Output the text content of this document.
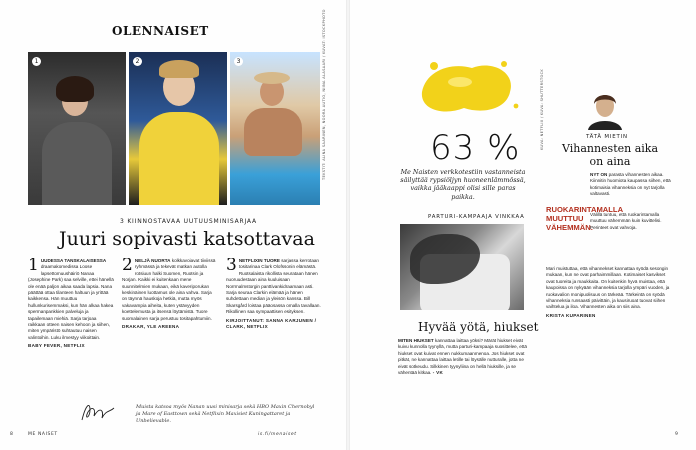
OLENNAISET
1	2	3
3 KIINNOSTAVAA UUTUUSMINISARJAA
Juuri sopivasti katsottavaa
1 UUDESSA TANSKALAISESSA draamakomedissa Loose lapsettomuushäiriö Nanaa (Josephine Park) saa selville, ettei hänellä ole enää paljon aikaa saada lapsia. Nana päättää ottaa tilanteen haltuun ja yrittää kaikkensa. Hän muuttuu hullunkurisemmaksi, kun hän alkaa hakea spermanpankkien palveluja ja tapailemaan miehiä. Sarja tarjoaa raikkaan otteen naisen kehoon ja siihen, miten ympäristö suhtautuu naisen valintoihin. Luku ilmestyy viikoittain.

BABY FEVER, NETFLIX

2 NELJÄ NUORTA kolkkavoiavat tiiviissä ryhmässä ja tekevät matkan autolla rotsiuun halki Suomen, Ruotsin ja Norjan. Kaikki ei kuitenkaan mene suunnitelmien mukaan, eikä kaveriporukan keskinäinen luottamus ole aina vahva. Sarja on täynnä hauskoja hetkiä, mutta myös vakavampia aiheita, kuten ystävyyden koettelemusta ja itsensä löytämistä. Tuore suomalainen sarja perustuu tositapahtumiin.

DRAKAR, YLE AREENA

3 NETFLIXIN TUORE sarjassa kerrotaan tositarinaa Clark Olofssonin elämästä. Ruotsalaista rikollista seurataan hänen nuoruudestaan aina kuuluisaan Norrmalmstorgin panttivankidraamaan asti. Sarja seuraa Clarkin elämää ja hänen suhdettaan median ja yleisön kanssa. Bill Skarsgård loistaa pääosassa omalla tavallaan. Rikollinen saa sympaattisen esityksen.

KIRJOITTANUT: SANNA KARJUNEN / CLARK, NETFLIX

Muista katsoa myös Nanan uusi minisarja sekä HBO Maxin Chernobyl ja Mare of Easttown sekä Netflixin Maxisiet Kuningattaret ja Unbelievable.
8	ME NAISET	is.fi/menaiset
TEKSTIT: ALINA SAARINEN, NOORA AUTIO, NIINA ALASAARI / KUVAT: ISTOCKPHOTO	KUVA: NETFLIX / KUVA: SHUTTERSTOCK
63 %
Me Naisten verkkotestiin vastanneista säilyttää rypsiöljyn huoneenlämmössä, vaikka jääkaappi olisi sille paras paikka.
PARTURI-KAMPAAJA VINKKAA
Hyvää yötä, hiukset

MITEN HIUKSET kannattaa laittaa yöksi? Märät hiukset eivät kuivu kunnolla tyynyllä, mutta parturi-kampaaja suosittelee, että hiukset ovat kuivat ennen nukkumaanmenoa. Jos hiukset ovat pitkät, ne kannattaa laittaa letille tai löysälle nutturalle, jotta ne eivät sotkeudu. Silkkinen tyynyliina on hellä hiuksille, ja se vähentää kitkaa. - VK

TÄTÄ MIETIN
Vihannesten aika on aina

NYT ON parasta vihannesten aikaa. Kiinnitin huomiota kaupassa siihen, että kotimaisia vihanneksia on nyt tarjolla valtavasti.

RUOKARINTAMALLA MUUTTUU VÄHEMMÄN.

Välillä tuntuu, että ruokarintamalla muuttuu vähemmän kuin kuvittelisi. Perinteet ovat vahvoja.

Mari muistuttaa, että vihannekset kannattaa syödä sesongin mukaan, kun ne ovat parhaimmillaan. Kotimaiset kasvikset ovat tuoreita ja maukkaita. On kuitenkin hyvä muistaa, että kaupoissa on nykyään vihanneksia tarjolla ympäri vuoden, ja ruokavalion monipuolisuus on tärkeää. Tärkeintä on syödä vihanneksia runsaasti päivittäin, ja kausiruoat tuovat siihen vaihtelua ja iloa. Vihannesten aika on siis aina.

KRISTA KUPARINEN

9
